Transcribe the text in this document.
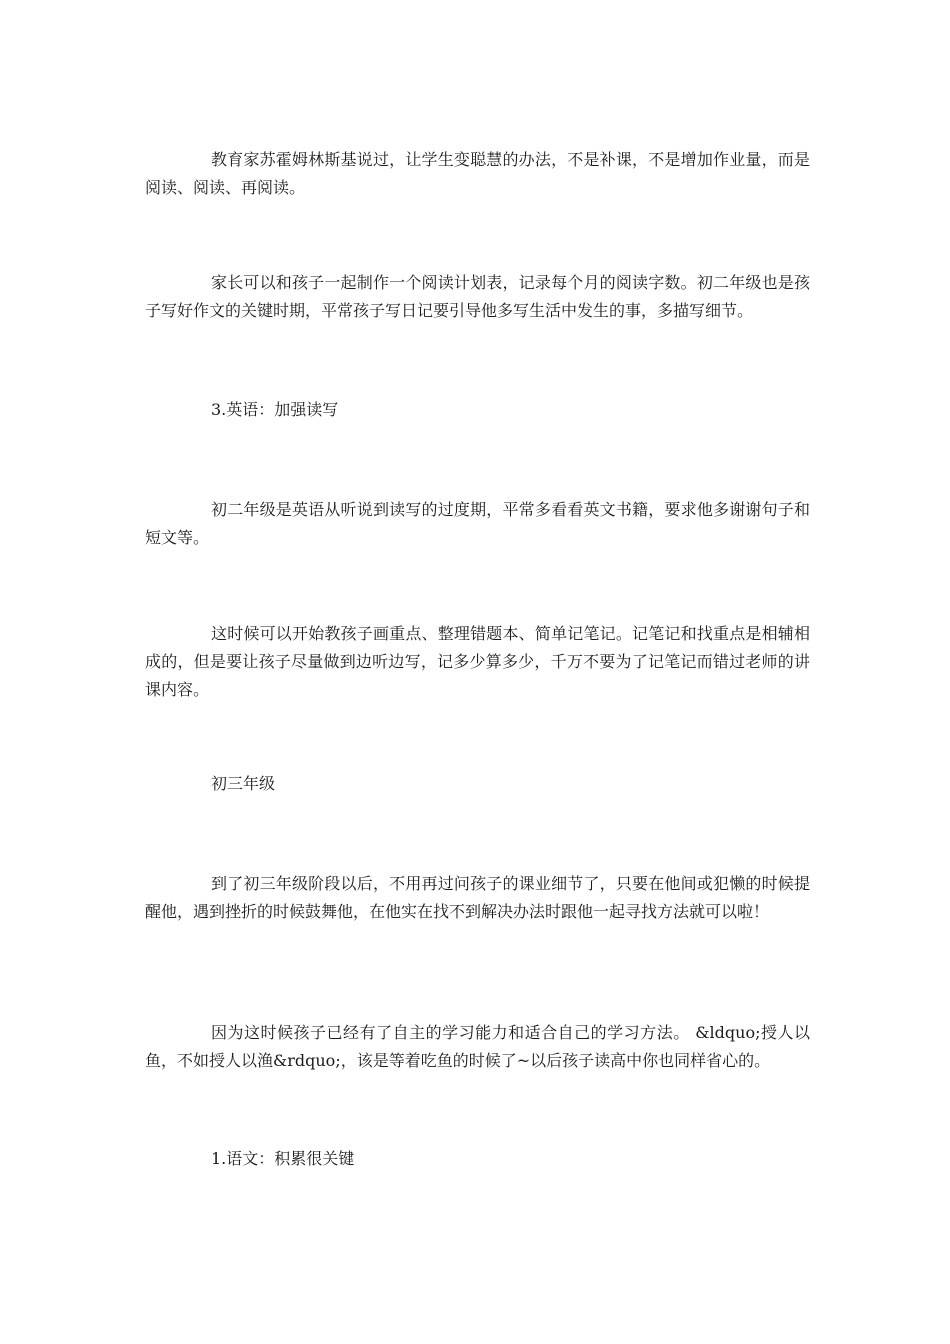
教育家苏霍姆林斯基说过，让学生变聪慧的办法，不是补课，不是增加作业量，而是阅读、阅读、再阅读。

家长可以和孩子一起制作一个阅读计划表，记录每个月的阅读字数。初二年级也是孩子写好作文的关键时期，平常孩子写日记要引导他多写生活中发生的事，多描写细节。

3.英语：加强读写

初二年级是英语从听说到读写的过度期，平常多看看英文书籍，要求他多谢谢句子和短文等。

这时候可以开始教孩子画重点、整理错题本、简单记笔记。记笔记和找重点是相辅相成的，但是要让孩子尽量做到边听边写，记多少算多少，千万不要为了记笔记而错过老师的讲课内容。

初三年级

到了初三年级阶段以后，不用再过问孩子的课业细节了，只要在他间或犯懒的时候提醒他，遇到挫折的时候鼓舞他，在他实在找不到解决办法时跟他一起寻找方法就可以啦！

因为这时候孩子已经有了自主的学习能力和适合自己的学习方法。 &ldquo;授人以鱼，不如授人以渔&rdquo;，该是等着吃鱼的时候了~以后孩子读高中你也同样省心的。

1.语文：积累很关键
